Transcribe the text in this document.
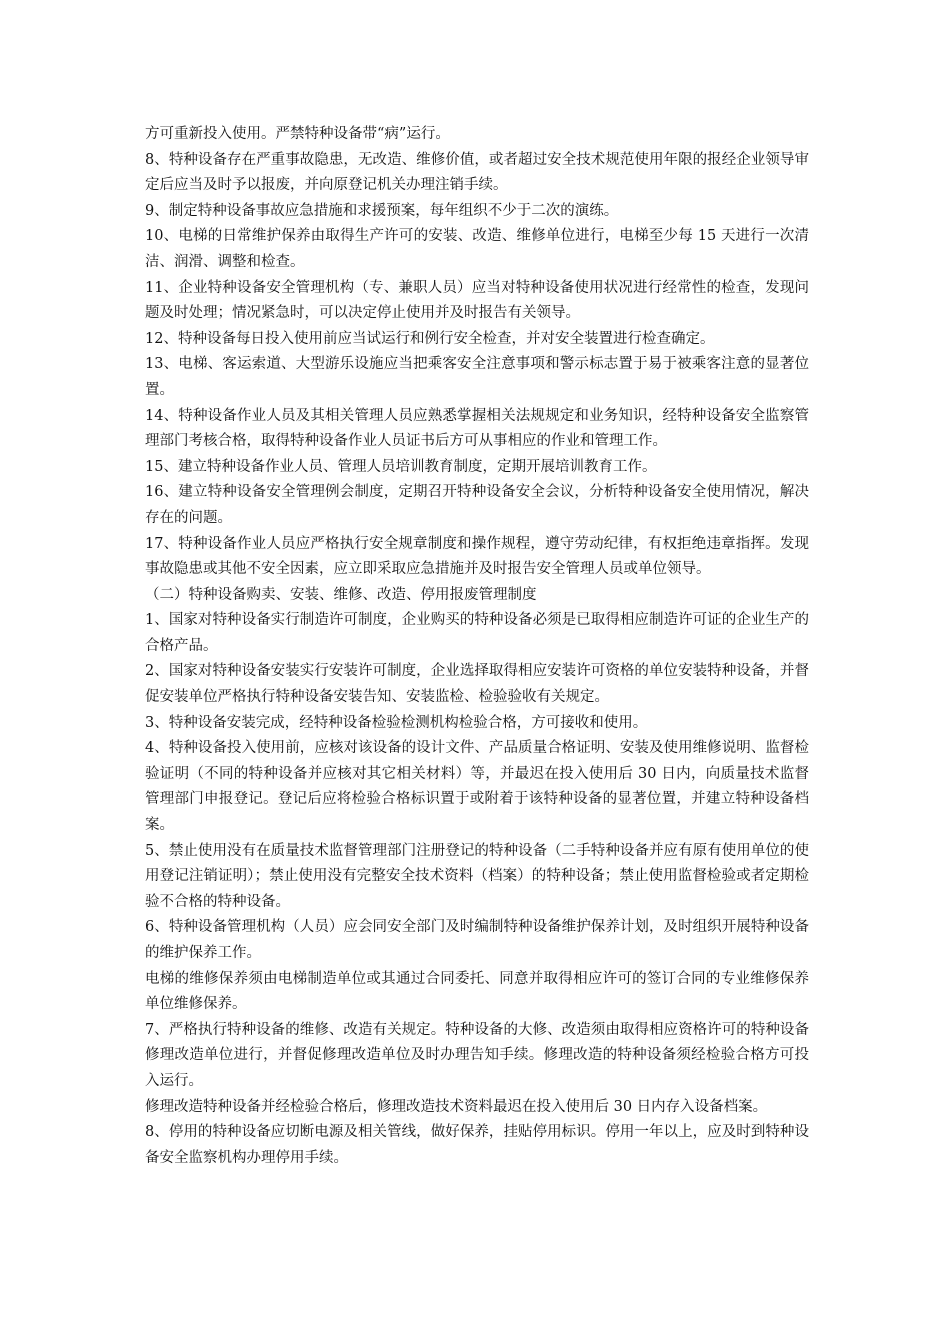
方可重新投入使用。严禁特种设备带“病”运行。

8、特种设备存在严重事故隐患，无改造、维修价值，或者超过安全技术规范使用年限的报经企业领导审定后应当及时予以报废，并向原登记机关办理注销手续。

9、制定特种设备事故应急措施和求援预案，每年组织不少于二次的演练。

10、电梯的日常维护保养由取得生产许可的安装、改造、维修单位进行，电梯至少每 15 天进行一次清洁、润滑、调整和检查。

11、企业特种设备安全管理机构（专、兼职人员）应当对特种设备使用状况进行经常性的检查，发现问题及时处理；情况紧急时，可以决定停止使用并及时报告有关领导。

12、特种设备每日投入使用前应当试运行和例行安全检查，并对安全装置进行检查确定。

13、电梯、客运索道、大型游乐设施应当把乘客安全注意事项和警示标志置于易于被乘客注意的显著位置。

14、特种设备作业人员及其相关管理人员应熟悉掌握相关法规规定和业务知识，经特种设备安全监察管理部门考核合格，取得特种设备作业人员证书后方可从事相应的作业和管理工作。

15、建立特种设备作业人员、管理人员培训教育制度，定期开展培训教育工作。

16、建立特种设备安全管理例会制度，定期召开特种设备安全会议，分析特种设备安全使用情况，解决存在的问题。

17、特种设备作业人员应严格执行安全规章制度和操作规程，遵守劳动纪律，有权拒绝违章指挥。发现事故隐患或其他不安全因素，应立即采取应急措施并及时报告安全管理人员或单位领导。

（二）特种设备购卖、安装、维修、改造、停用报废管理制度

1、国家对特种设备实行制造许可制度，企业购买的特种设备必须是已取得相应制造许可证的企业生产的合格产品。

2、国家对特种设备安装实行安装许可制度，企业选择取得相应安装许可资格的单位安装特种设备，并督促安装单位严格执行特种设备安装告知、安装监检、检验验收有关规定。

3、特种设备安装完成，经特种设备检验检测机构检验合格，方可接收和使用。

4、特种设备投入使用前，应核对该设备的设计文件、产品质量合格证明、安装及使用维修说明、监督检验证明（不同的特种设备并应核对其它相关材料）等，并最迟在投入使用后 30 日内，向质量技术监督管理部门申报登记。登记后应将检验合格标识置于或附着于该特种设备的显著位置，并建立特种设备档案。

5、禁止使用没有在质量技术监督管理部门注册登记的特种设备（二手特种设备并应有原有使用单位的使用登记注销证明）；禁止使用没有完整安全技术资料（档案）的特种设备；禁止使用监督检验或者定期检验不合格的特种设备。

6、特种设备管理机构（人员）应会同安全部门及时编制特种设备维护保养计划，及时组织开展特种设备的维护保养工作。

电梯的维修保养须由电梯制造单位或其通过合同委托、同意并取得相应许可的签订合同的专业维修保养单位维修保养。

7、严格执行特种设备的维修、改造有关规定。特种设备的大修、改造须由取得相应资格许可的特种设备修理改造单位进行，并督促修理改造单位及时办理告知手续。修理改造的特种设备须经检验合格方可投入运行。

修理改造特种设备并经检验合格后，修理改造技术资料最迟在投入使用后 30 日内存入设备档案。

8、停用的特种设备应切断电源及相关管线，做好保养，挂贴停用标识。停用一年以上，应及时到特种设备安全监察机构办理停用手续。
